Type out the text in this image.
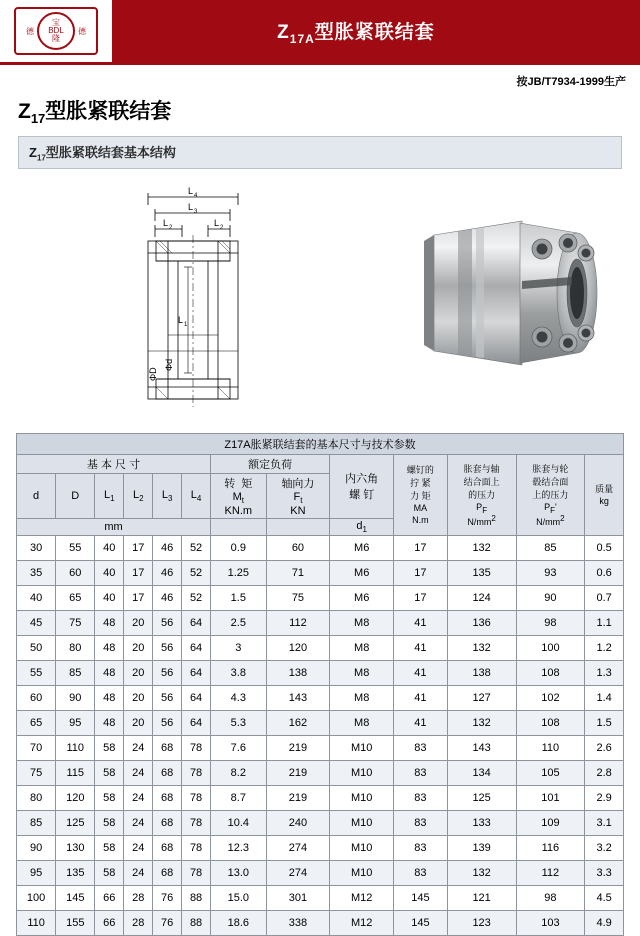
德
宝
BDL
隆
德	$Z_{17A}$型胀紧联结套
按JB/T7934-1999生产
$Z_{17}$型胀紧联结套
$Z_{17}$型胀紧联结套基本结构
L 4
L 3
L 2	L 2
L 1
Φd
ΦD
Z17A胀紧联结套的基本尺寸与技术参数												
基 本 尺 寸						额定负荷		内六角
螺 钉	螺钉的
拧 紧
力 矩
MA
N.m	胀套与轴
结合面上
的压力
$P_F$
$N/mm^2$	胀套与轮
毂结合面
上的压力
$P_F'$
$N/mm^2$	质量
kg
d	D	$L_1$	$L_2$	$L_3$	$L_4$	转  矩
$M_t$
KN.m	轴向力
$F_t$
KN					
mm								$d_1$
30	55	40	17	46	52	0.9	60	M6	17	132	85	0.5
35	60	40	17	46	52	1.25	71	M6	17	135	93	0.6
40	65	40	17	46	52	1.5	75	M6	17	124	90	0.7
45	75	48	20	56	64	2.5	112	M8	41	136	98	1.1
50	80	48	20	56	64	3	120	M8	41	132	100	1.2
55	85	48	20	56	64	3.8	138	M8	41	138	108	1.3
60	90	48	20	56	64	4.3	143	M8	41	127	102	1.4
65	95	48	20	56	64	5.3	162	M8	41	132	108	1.5
70	110	58	24	68	78	7.6	219	M10	83	143	110	2.6
75	115	58	24	68	78	8.2	219	M10	83	134	105	2.8
80	120	58	24	68	78	8.7	219	M10	83	125	101	2.9
85	125	58	24	68	78	10.4	240	M10	83	133	109	3.1
90	130	58	24	68	78	12.3	274	M10	83	139	116	3.2
95	135	58	24	68	78	13.0	274	M10	83	132	112	3.3
100	145	66	28	76	88	15.0	301	M12	145	121	98	4.5
110	155	66	28	76	88	18.6	338	M12	145	123	103	4.9
